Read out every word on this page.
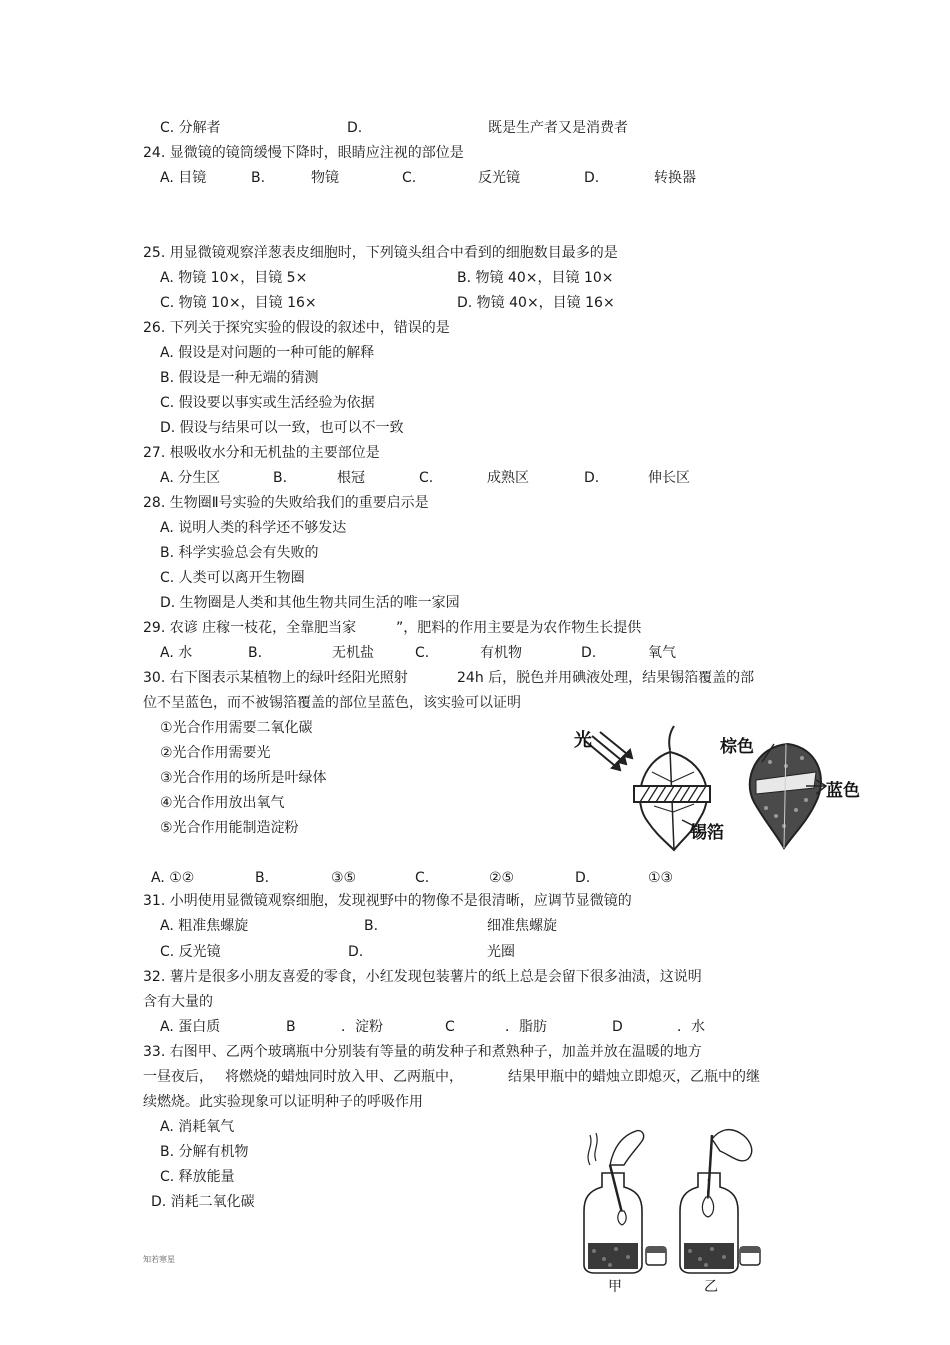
C. 分解者	D.	既是生产者又是消费者
24. 显微镜的镜筒缓慢下降时，眼睛应注视的部位是
A. 目镜	B.	物镜	C.	反光镜	D.	转换器
25. 用显微镜观察洋葱表皮细胞时，下列镜头组合中看到的细胞数目最多的是
A. 物镜 10×，目镜 5×	B. 物镜 40×，目镜 10×
C. 物镜 10×，目镜 16×	D. 物镜 40×，目镜 16×
26. 下列关于探究实验的假设的叙述中，错误的是
A. 假设是对问题的一种可能的解释
B. 假设是一种无端的猜测
C. 假设要以事实或生活经验为依据
D. 假设与结果可以一致，也可以不一致
27. 根吸收水分和无机盐的主要部位是
A. 分生区	B.	根冠	C.	成熟区	D.	伸长区
28. 生物圈Ⅱ号实验的失败给我们的重要启示是
A. 说明人类的科学还不够发达
B. 科学实验总会有失败的
C. 人类可以离开生物圈
D. 生物圈是人类和其他生物共同生活的唯一家园
29. 农谚 庄稼一枝花，全靠肥当家	”，肥料的作用主要是为农作物生长提供
A. 水	B.	无机盐	C.	有机物	D.	氧气
30. 右下图表示某植物上的绿叶经阳光照射	24h 后，脱色并用碘液处理，结果锡箔覆盖的部
位不呈蓝色，而不被锡箔覆盖的部位呈蓝色，该实验可以证明
①光合作用需要二氧化碳
②光合作用需要光
③光合作用的场所是叶绿体
④光合作用放出氧气
⑤光合作用能制造淀粉
光
锡箔
棕色
蓝色
A. ①②	B.	③⑤	C.	②⑤	D.	①③
31. 小明使用显微镜观察细胞，发现视野中的物像不是很清晰，应调节显微镜的
A. 粗准焦螺旋	B.	细准焦螺旋
C. 反光镜	D.	光圈
32. 薯片是很多小朋友喜爱的零食，小红发现包装薯片的纸上总是会留下很多油渍，这说明
含有大量的
A. 蛋白质	B	．淀粉	C	．脂肪	D	．水
33. 右图甲、乙两个玻璃瓶中分别装有等量的萌发种子和煮熟种子，加盖并放在温暖的地方
一昼夜后， 将燃烧的蜡烛同时放入甲、乙两瓶中，	结果甲瓶中的蜡烛立即熄灭，乙瓶中的继
续燃烧。此实验现象可以证明种子的呼吸作用
A. 消耗氧气
B. 分解有机物
C. 释放能量
D. 消耗二氧化碳
甲	乙
知若寒星
